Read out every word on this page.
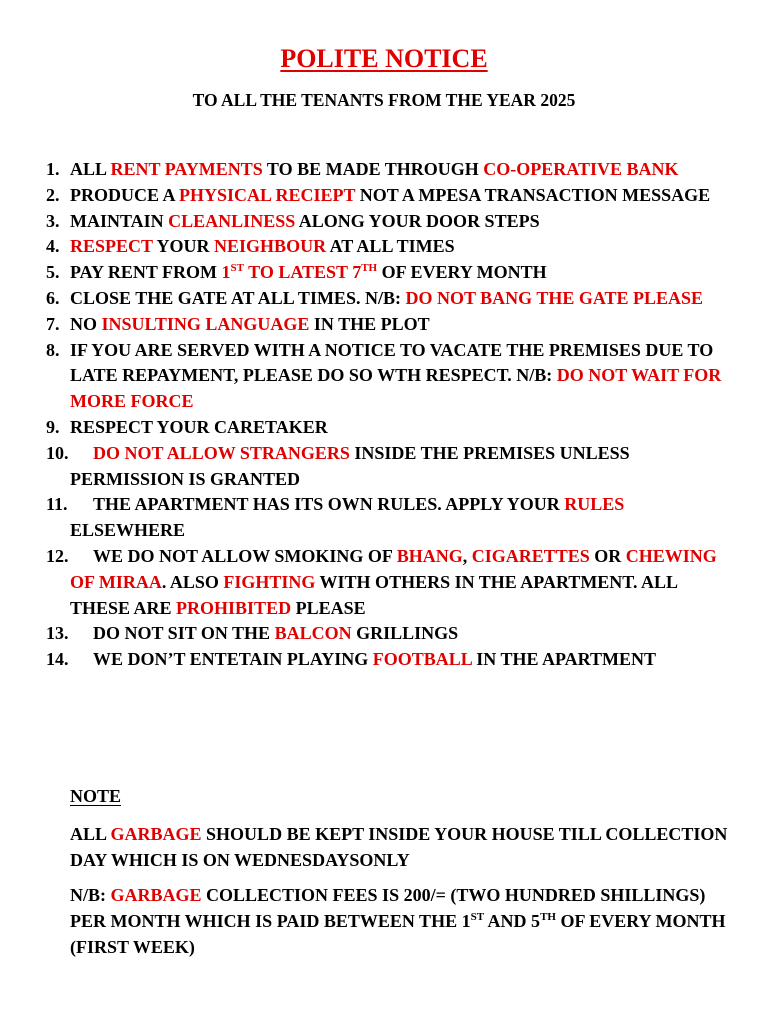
POLITE NOTICE
TO ALL THE TENANTS FROM THE YEAR 2025
1. ALL RENT PAYMENTS TO BE MADE THROUGH CO-OPERATIVE BANK
2. PRODUCE A PHYSICAL RECIEPT NOT A MPESA TRANSACTION MESSAGE
3. MAINTAIN CLEANLINESS ALONG YOUR DOOR STEPS
4. RESPECT YOUR NEIGHBOUR AT ALL TIMES
5. PAY RENT FROM 1ST TO LATEST 7TH OF EVERY MONTH
6. CLOSE THE GATE AT ALL TIMES. N/B: DO NOT BANG THE GATE PLEASE
7. NO INSULTING LANGUAGE IN THE PLOT
8. IF YOU ARE SERVED WITH A NOTICE TO VACATE THE PREMISES DUE TO LATE REPAYMENT, PLEASE DO SO WTH RESPECT. N/B: DO NOT WAIT FOR MORE FORCE
9. RESPECT YOUR CARETAKER
10. DO NOT ALLOW STRANGERS INSIDE THE PREMISES UNLESS PERMISSION IS GRANTED
11. THE APARTMENT HAS ITS OWN RULES. APPLY YOUR RULES ELSEWHERE
12. WE DO NOT ALLOW SMOKING OF BHANG, CIGARETTES OR CHEWING OF MIRAA. ALSO FIGHTING WITH OTHERS IN THE APARTMENT. ALL THESE ARE PROHIBITED PLEASE
13. DO NOT SIT ON THE BALCON GRILLINGS
14. WE DON’T ENTETAIN PLAYING FOOTBALL IN THE APARTMENT
NOTE
ALL GARBAGE SHOULD BE KEPT INSIDE YOUR HOUSE TILL COLLECTION DAY WHICH IS ON WEDNESDAYSONLY
N/B: GARBAGE COLLECTION FEES IS 200/= (TWO HUNDRED SHILLINGS) PER MONTH WHICH IS PAID BETWEEN THE 1ST AND 5TH OF EVERY MONTH (FIRST WEEK)
